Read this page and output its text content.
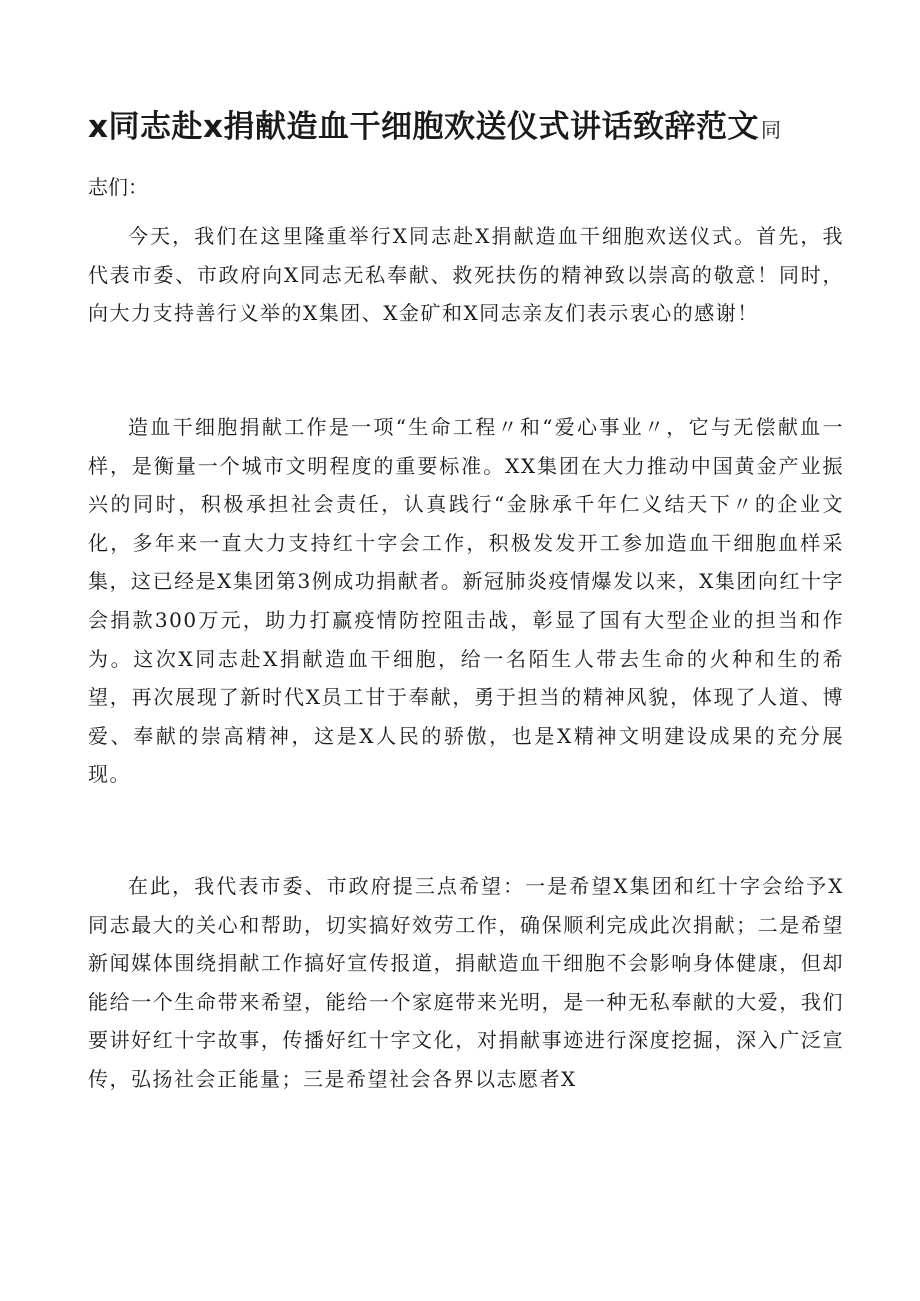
x同志赴x捐献造血干细胞欢送仪式讲话致辞范文 同

志们：

今天，我们在这里隆重举行X同志赴X捐献造血干细胞欢送仪式。首先，我代表市委、市政府向X同志无私奉献、救死扶伤的精神致以崇高的敬意！同时，向大力支持善行义举的X集团、X金矿和X同志亲友们表示衷心的感谢！

造血干细胞捐献工作是一项“生命工程〃和“爱心事业〃，它与无偿献血一样，是衡量一个城市文明程度的重要标准。XX集团在大力推动中国黄金产业振兴的同时，积极承担社会责任，认真践行“金脉承千年仁义结天下〃的企业文化，多年来一直大力支持红十字会工作，积极发发开工参加造血干细胞血样采集，这已经是X集团第3例成功捐献者。新冠肺炎疫情爆发以来，X集团向红十字会捐款300万元，助力打赢疫情防控阻击战，彰显了国有大型企业的担当和作为。这次X同志赴X捐献造血干细胞，给一名陌生人带去生命的火种和生的希望，再次展现了新时代X员工甘于奉献，勇于担当的精神风貌，体现了人道、博爱、奉献的崇高精神，这是X人民的骄傲，也是X精神文明建设成果的充分展现。

在此，我代表市委、市政府提三点希望：一是希望X集团和红十字会给予X同志最大的关心和帮助，切实搞好效劳工作，确保顺利完成此次捐献；二是希望新闻媒体围绕捐献工作搞好宣传报道，捐献造血干细胞不会影响身体健康，但却能给一个生命带来希望，能给一个家庭带来光明，是一种无私奉献的大爱，我们要讲好红十字故事，传播好红十字文化，对捐献事迹进行深度挖掘，深入广泛宣传，弘扬社会正能量；三是希望社会各界以志愿者X
